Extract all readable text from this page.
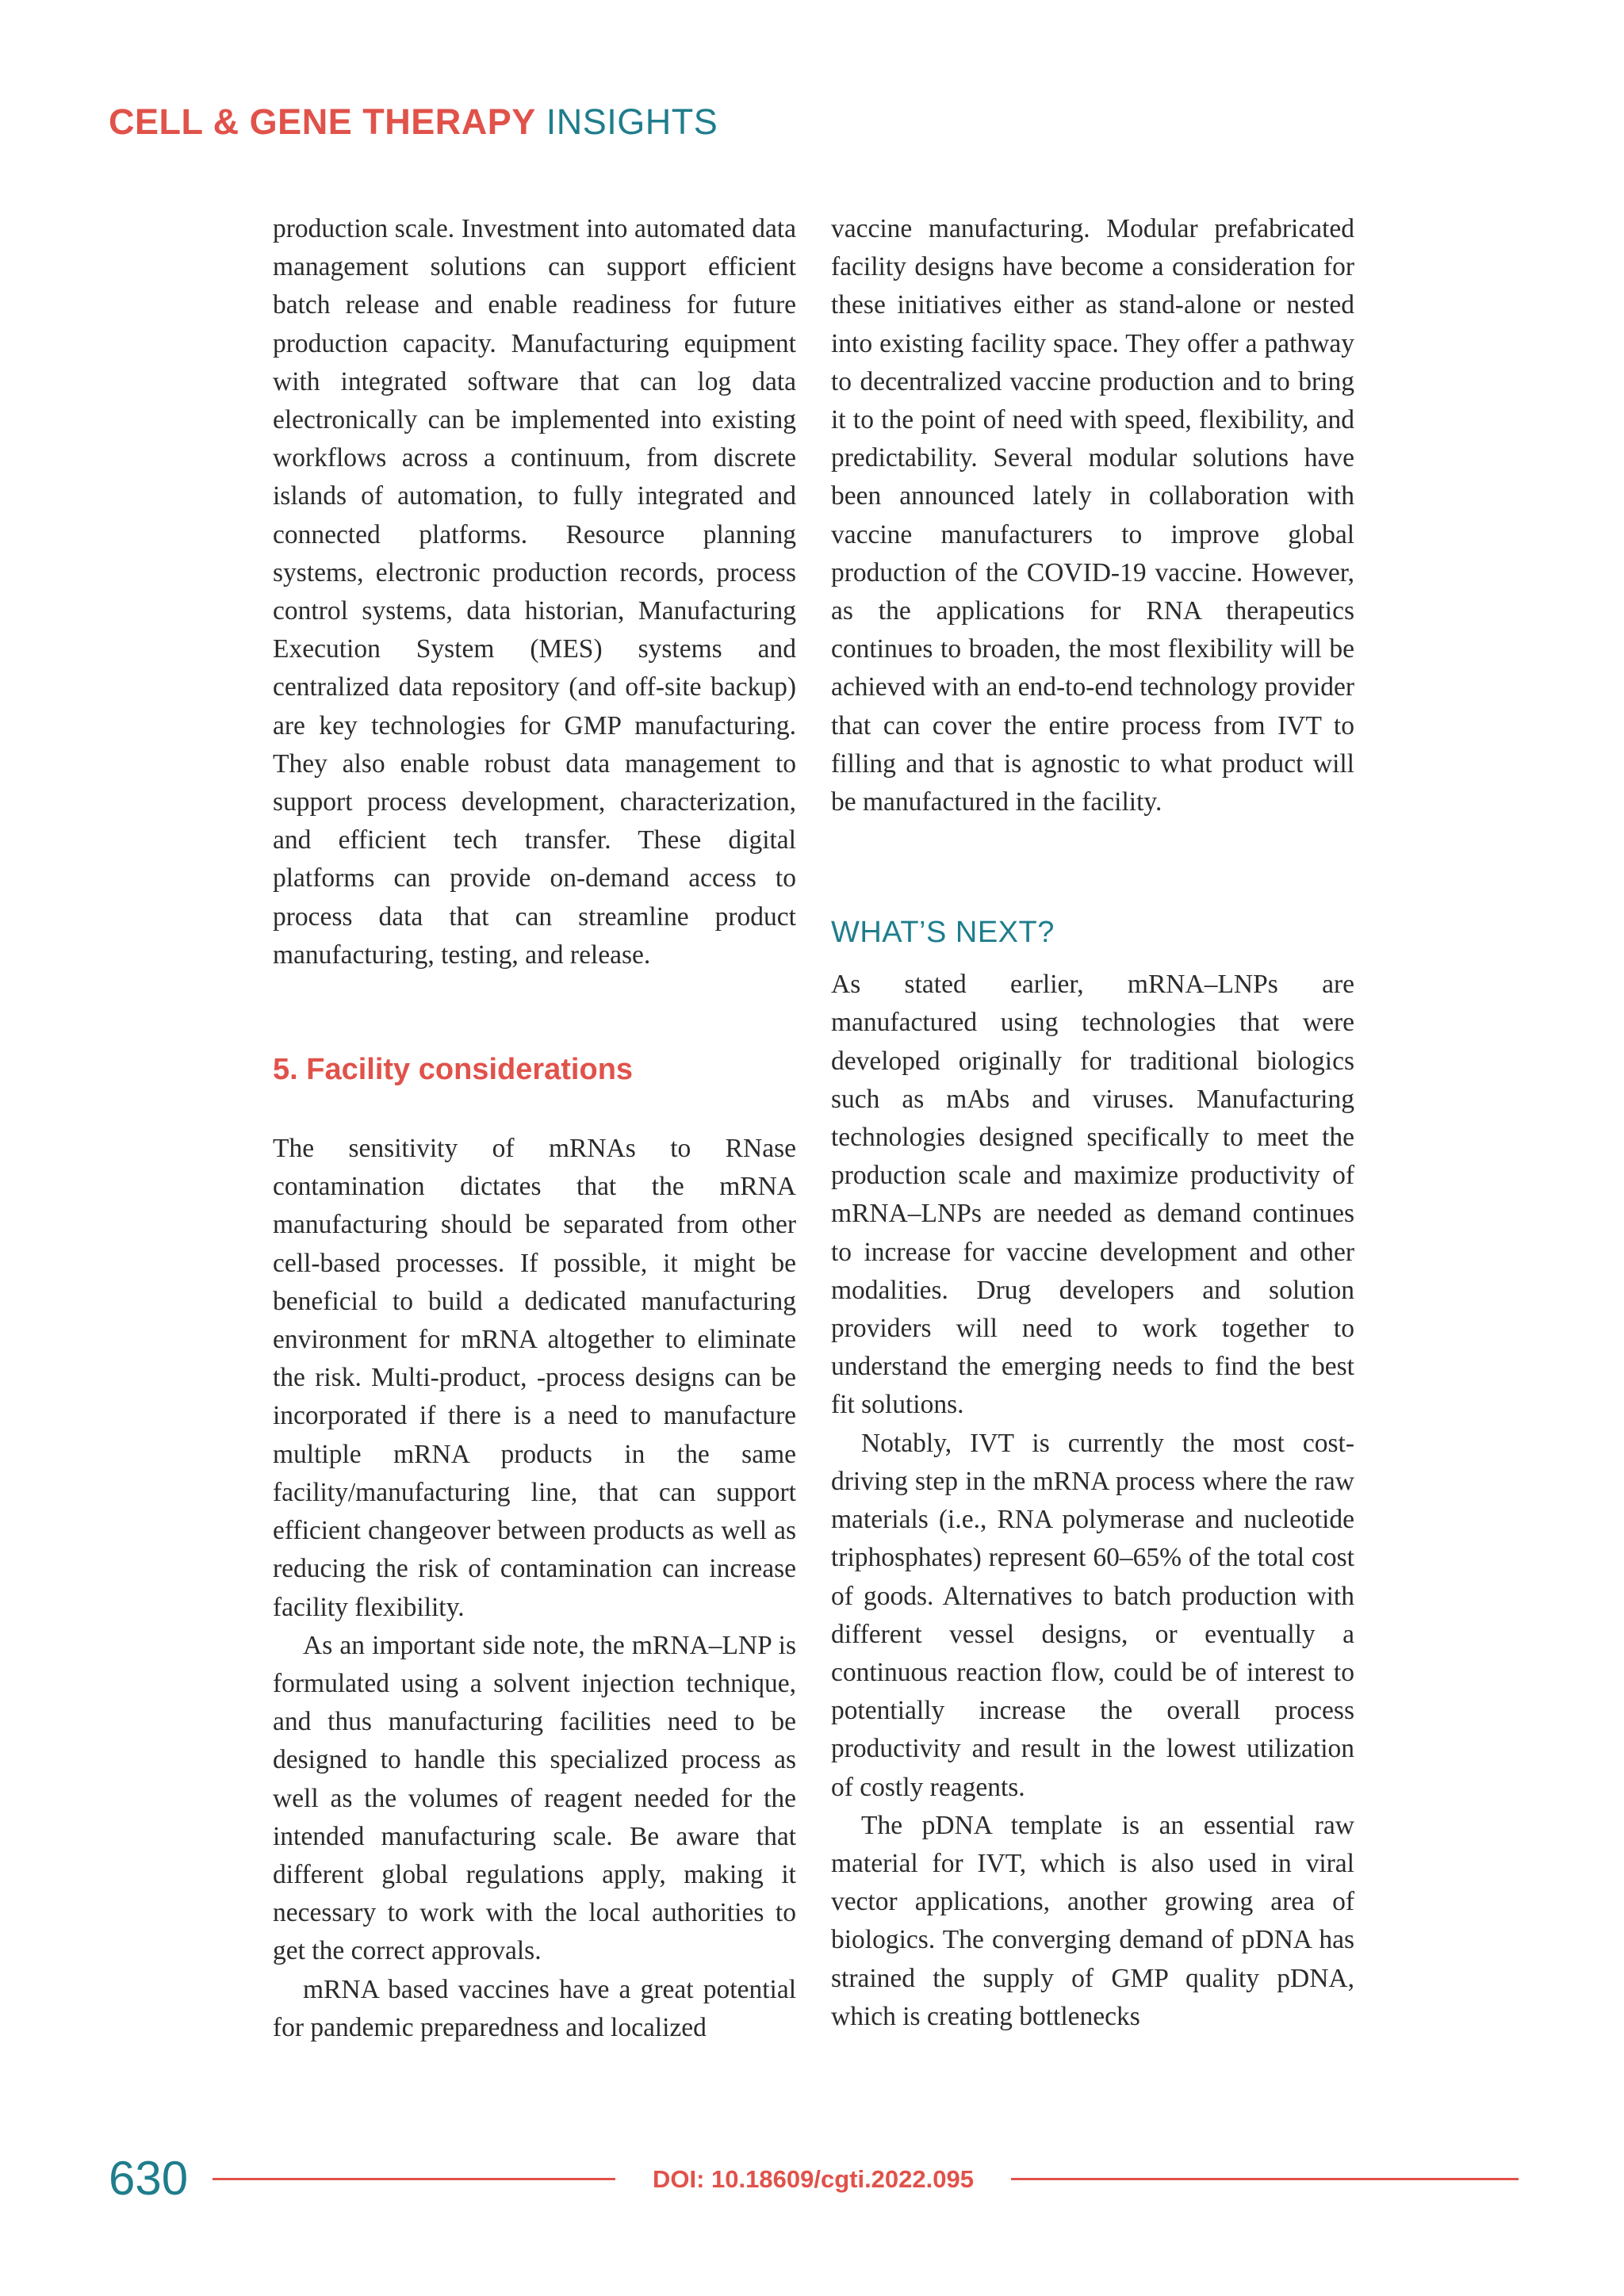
CELL & GENE THERAPY INSIGHTS

production scale. Investment into automated data management solutions can support efficient batch release and enable readiness for future production capacity. Manufacturing equipment with integrated software that can log data electronically can be implemented into existing workflows across a continuum, from discrete islands of automation, to fully integrated and connected platforms. Resource planning systems, electronic production records, process control systems, data historian, Manufacturing Execution System (MES) systems and centralized data repository (and off-site backup) are key technologies for GMP manufacturing. They also enable robust data management to support process development, characterization, and efficient tech transfer. These digital platforms can provide on-demand access to process data that can streamline product manufacturing, testing, and release.

5. Facility considerations

The sensitivity of mRNAs to RNase contamination dictates that the mRNA manufacturing should be separated from other cell-based processes. If possible, it might be beneficial to build a dedicated manufacturing environment for mRNA altogether to eliminate the risk. Multi-product, -process designs can be incorporated if there is a need to manufacture multiple mRNA products in the same facility/manufacturing line, that can support efficient changeover between products as well as reducing the risk of contamination can increase facility flexibility.

As an important side note, the mRNA–LNP is formulated using a solvent injection technique, and thus manufacturing facilities need to be designed to handle this specialized process as well as the volumes of reagent needed for the intended manufacturing scale. Be aware that different global regulations apply, making it necessary to work with the local authorities to get the correct approvals.

mRNA based vaccines have a great potential for pandemic preparedness and localized

vaccine manufacturing. Modular prefabricated facility designs have become a consideration for these initiatives either as stand-alone or nested into existing facility space. They offer a pathway to decentralized vaccine production and to bring it to the point of need with speed, flexibility, and predictability. Several modular solutions have been announced lately in collaboration with vaccine manufacturers to improve global production of the COVID-19 vaccine. However, as the applications for RNA therapeutics continues to broaden, the most flexibility will be achieved with an end-to-end technology provider that can cover the entire process from IVT to filling and that is agnostic to what product will be manufactured in the facility.

WHAT’S NEXT?

As stated earlier, mRNA–LNPs are manufactured using technologies that were developed originally for traditional biologics such as mAbs and viruses. Manufacturing technologies designed specifically to meet the production scale and maximize productivity of mRNA–LNPs are needed as demand continues to increase for vaccine development and other modalities. Drug developers and solution providers will need to work together to understand the emerging needs to find the best fit solutions.

Notably, IVT is currently the most cost-driving step in the mRNA process where the raw materials (i.e., RNA polymerase and nucleotide triphosphates) represent 60–65% of the total cost of goods. Alternatives to batch production with different vessel designs, or eventually a continuous reaction flow, could be of interest to potentially increase the overall process productivity and result in the lowest utilization of costly reagents.

The pDNA template is an essential raw material for IVT, which is also used in viral vector applications, another growing area of biologics. The converging demand of pDNA has strained the supply of GMP quality pDNA, which is creating bottlenecks

630	DOI: 10.18609/cgti.2022.095
